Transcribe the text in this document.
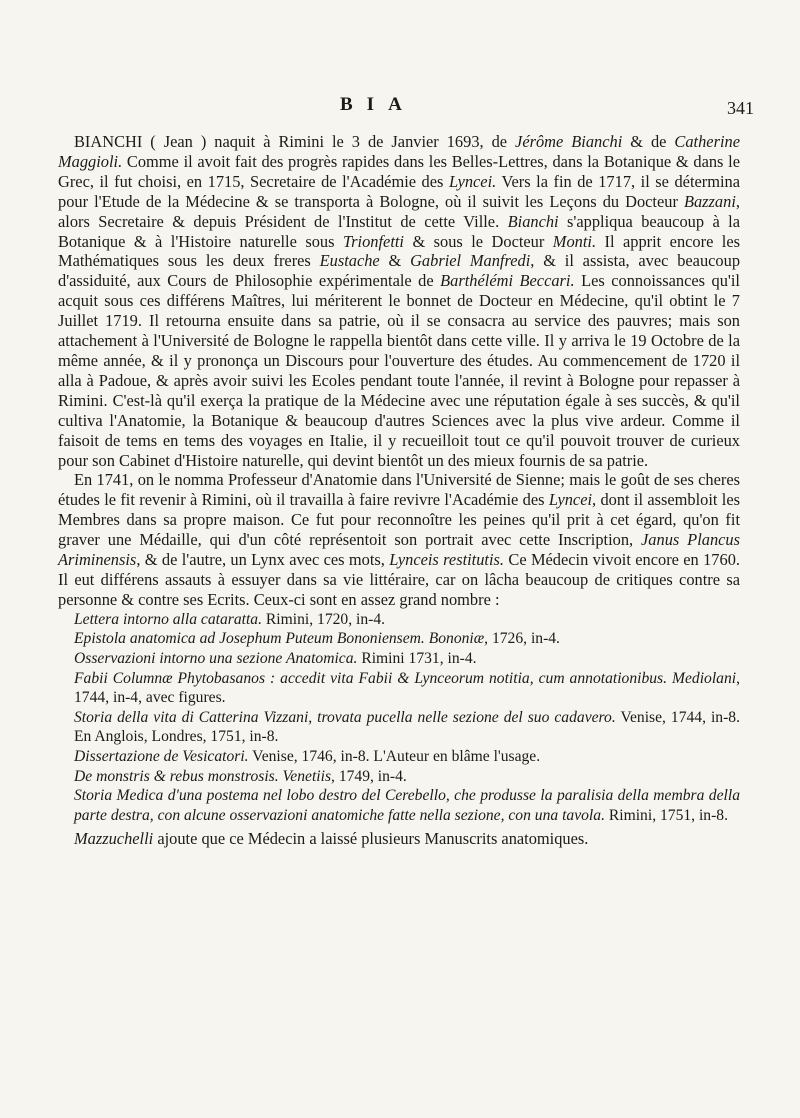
BIA	341

BIANCHI ( Jean ) naquit à Rimini le 3 de Janvier 1693, de Jérôme Bianchi & de Catherine Maggioli. Comme il avoit fait des progrès rapides dans les Belles-Lettres, dans la Botanique & dans le Grec, il fut choisi, en 1715, Secretaire de l'Académie des Lyncei. Vers la fin de 1717, il se détermina pour l'Etude de la Médecine & se transporta à Bologne, où il suivit les Leçons du Docteur Bazzani, alors Secretaire & depuis Président de l'Institut de cette Ville. Bianchi s'appliqua beaucoup à la Botanique & à l'Histoire naturelle sous Trionfetti & sous le Docteur Monti. Il apprit encore les Mathématiques sous les deux freres Eustache & Gabriel Manfredi, & il assista, avec beaucoup d'assiduité, aux Cours de Philosophie expérimentale de Barthélémi Beccari. Les connoissances qu'il acquit sous ces différens Maîtres, lui mériterent le bonnet de Docteur en Médecine, qu'il obtint le 7 Juillet 1719. Il retourna ensuite dans sa patrie, où il se consacra au service des pauvres; mais son attachement à l'Université de Bologne le rappella bientôt dans cette ville. Il y arriva le 19 Octobre de la même année, & il y prononça un Discours pour l'ouverture des études. Au commencement de 1720 il alla à Padoue, & après avoir suivi les Ecoles pendant toute l'année, il revint à Bologne pour repasser à Rimini. C'est-là qu'il exerça la pratique de la Médecine avec une réputation égale à ses succès, & qu'il cultiva l'Anatomie, la Botanique & beaucoup d'autres Sciences avec la plus vive ardeur. Comme il faisoit de tems en tems des voyages en Italie, il y recueilloit tout ce qu'il pouvoit trouver de curieux pour son Cabinet d'Histoire naturelle, qui devint bientôt un des mieux fournis de sa patrie.

En 1741, on le nomma Professeur d'Anatomie dans l'Université de Sienne; mais le goût de ses cheres études le fit revenir à Rimini, où il travailla à faire revivre l'Académie des Lyncei, dont il assembloit les Membres dans sa propre maison. Ce fut pour reconnoître les peines qu'il prit à cet égard, qu'on fit graver une Médaille, qui d'un côté représentoit son portrait avec cette Inscription, Janus Plancus Ariminensis, & de l'autre, un Lynx avec ces mots, Lynceis restitutis. Ce Médecin vivoit encore en 1760. Il eut différens assauts à essuyer dans sa vie littéraire, car on lâcha beaucoup de critiques contre sa personne & contre ses Ecrits. Ceux-ci sont en assez grand nombre :

Lettera intorno alla cataratta. Rimini, 1720, in-4.
Epistola anatomica ad Josephum Puteum Bononiensem. Bononiæ, 1726, in-4.
Osservazioni intorno una sezione Anatomica. Rimini 1731, in-4.
Fabii Columnæ Phytobasanos : accedit vita Fabii & Lynceorum notitia, cum annotationibus. Mediolani, 1744, in-4, avec figures.
Storia della vita di Catterina Vizzani, trovata pucella nelle sezione del suo cadavero. Venise, 1744, in-8. En Anglois, Londres, 1751, in-8.
Dissertazione de Vesicatori. Venise, 1746, in-8. L'Auteur en blâme l'usage.
De monstris & rebus monstrosis. Venetiis, 1749, in-4.
Storia Medica d'una postema nel lobo destro del Cerebello, che produsse la paralisia della membra della parte destra, con alcune osservazioni anatomiche fatte nella sezione, con una tavola. Rimini, 1751, in-8.

Mazzuchelli ajoute que ce Médecin a laissé plusieurs Manuscrits anatomiques.
